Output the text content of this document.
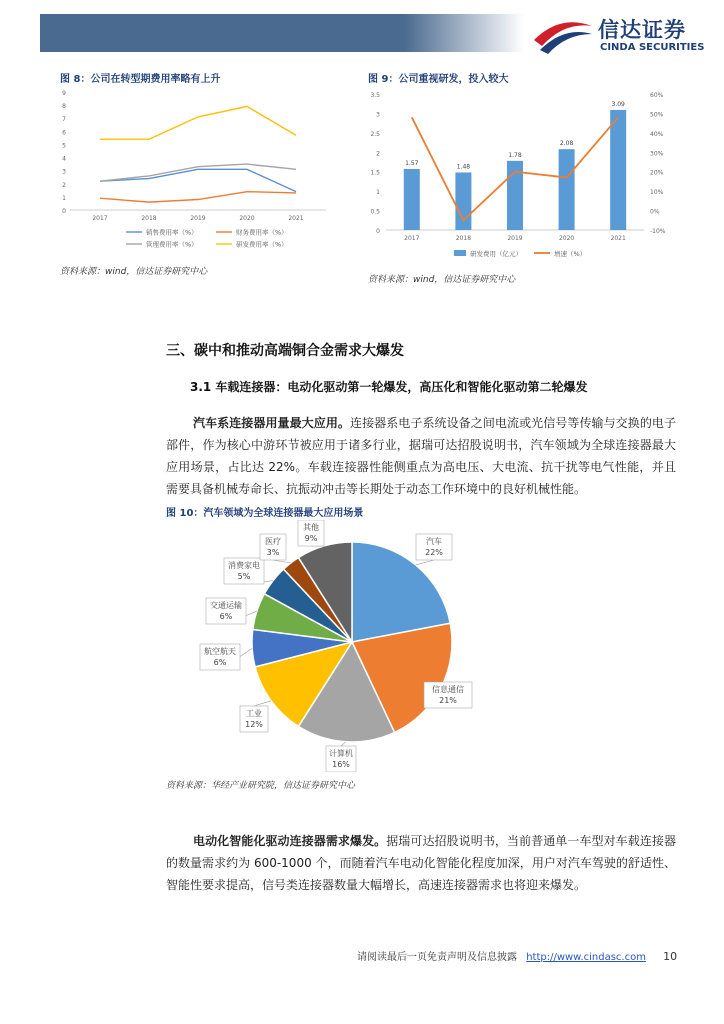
信达证券
CINDA SECURITIES
图 8：公司在转型期费用率略有上升
0
1
2
3
4
5
6
7
8
9
2017	2018	2019	2020	2021
销售费用率（%）	财务费用率（%）
管理费用率（%）	研发费用率（%）
资料来源：wind，信达证券研究中心
图 9：公司重视研发，投入较大
0
0.5
1
1.5
2
2.5
3
3.5
-10%
0%
10%
20%
30%
40%
50%
60%
1.57	1.48
1.78
2.08
3.09
2017	2018	2019	2020	2021
研发费用（亿元）	增速（%）
资料来源：wind，信达证券研究中心
三、碳中和推动高端铜合金需求大爆发
3.1 车载连接器：电动化驱动第一轮爆发，高压化和智能化驱动第二轮爆发
汽车系连接器用量最大应用。连接器系电子系统设备之间电流或光信号等传输与交换的电子部件，作为核心中游环节被应用于诸多行业，据瑞可达招股说明书，汽车领域为全球连接器最大应用场景，占比达 22%。车载连接器性能侧重点为高电压、大电流、抗干扰等电气性能，并且需要具备机械寿命长、抗振动冲击等长期处于动态工作环境中的良好机械性能。
图 10：汽车领域为全球连接器最大应用场景
汽车
22%
信息通信
21%
计算机
16%
工业
12%
航空航天
6%
交通运输
6%
消费家电
5%
医疗
3%
其他
9%
资料来源：华经产业研究院，信达证券研究中心
电动化智能化驱动连接器需求爆发。据瑞可达招股说明书，当前普通单一车型对车载连接器的数量需求约为 600-1000 个，而随着汽车电动化智能化程度加深，用户对汽车驾驶的舒适性、智能性要求提高，信号类连接器数量大幅增长，高速连接器需求也将迎来爆发。
请阅读最后一页免责声明及信息披露 http://www.cindasc.com 10
